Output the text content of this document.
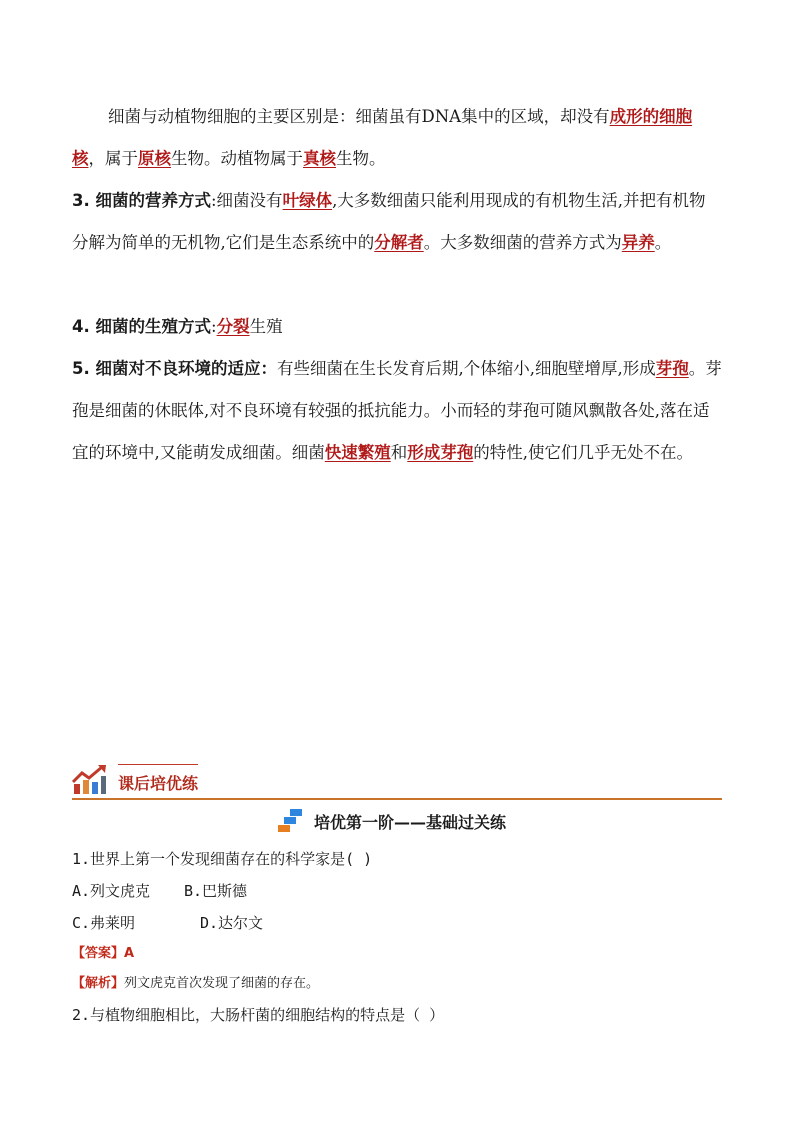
细菌与动植物细胞的主要区别是：细菌虽有DNA集中的区域，却没有成形的细胞核，属于原核生物。动植物属于真核生物。

3. 细菌的营养方式:细菌没有叶绿体,大多数细菌只能利用现成的有机物生活,并把有机物分解为简单的无机物,它们是生态系统中的分解者。大多数细菌的营养方式为异养。

4. 细菌的生殖方式:分裂生殖

5. 细菌对不良环境的适应：有些细菌在生长发育后期,个体缩小,细胞壁增厚,形成芽孢。芽孢是细菌的休眠体,对不良环境有较强的抵抗能力。小而轻的芽孢可随风飘散各处,落在适宜的环境中,又能萌发成细菌。细菌快速繁殖和形成芽孢的特性,使它们几乎无处不在。

课后培优练
培优第一阶——基础过关练

1.世界上第一个发现细菌存在的科学家是( )

A.列文虎克	B.巴斯德
C.弗莱明	D.达尔文
【答案】A
【解析】列文虎克首次发现了细菌的存在。

2.与植物细胞相比，大肠杆菌的细胞结构的特点是（ ）
